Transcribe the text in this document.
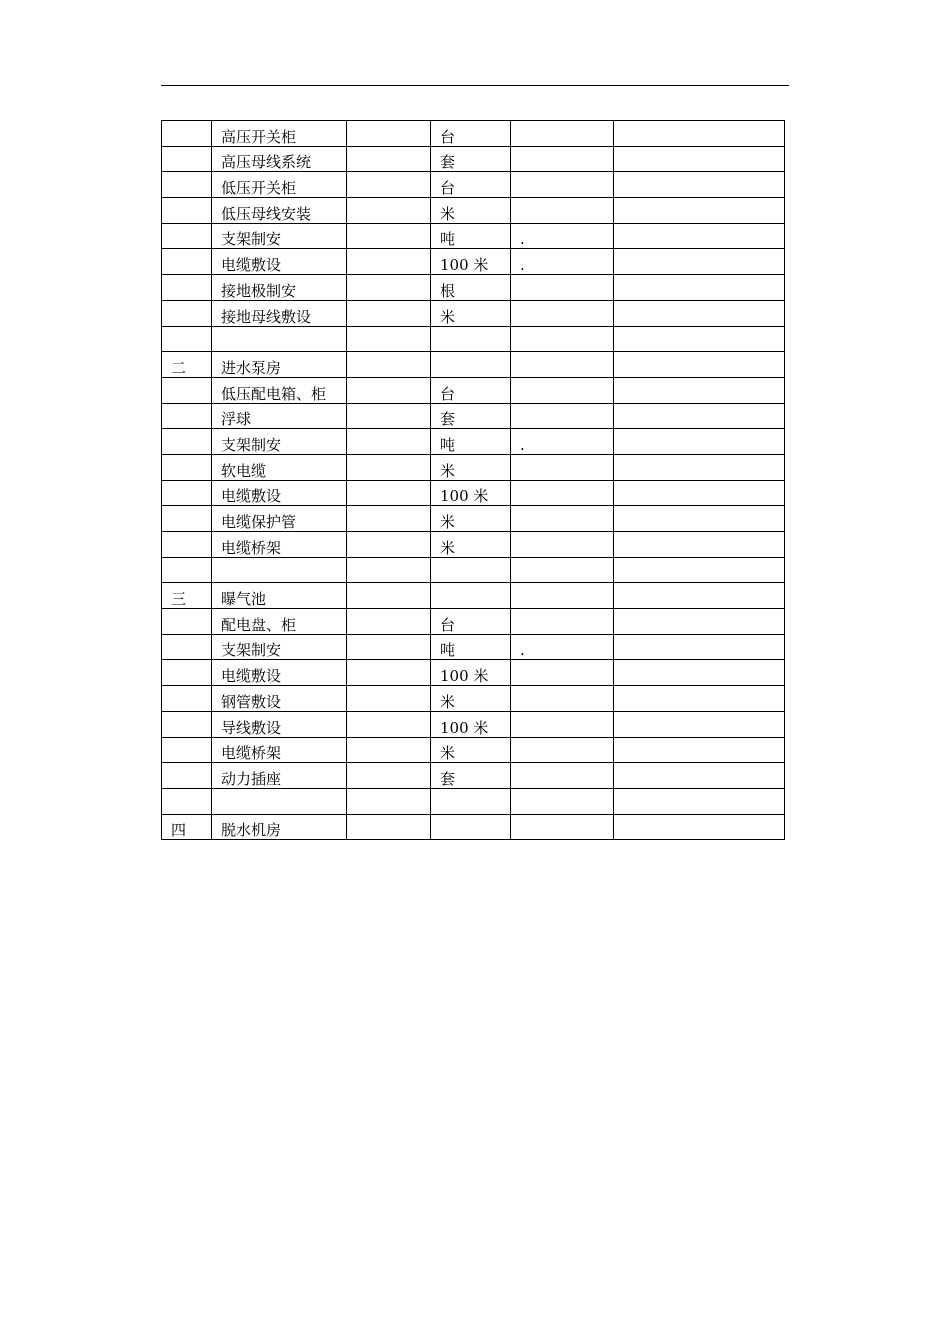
	高压开关柜		台		
	高压母线系统		套		
	低压开关柜		台		
	低压母线安装		米		
	支架制安		吨	.	
	电缆敷设		100 米	.	
	接地极制安		根		
	接地母线敷设		米		

二	进水泵房				
	低压配电箱、柜		台		
	浮球		套		
	支架制安		吨	.	
	软电缆		米		
	电缆敷设		100 米		
	电缆保护管		米		
	电缆桥架		米		

三	曝气池				
	配电盘、柜		台		
	支架制安		吨	.	
	电缆敷设		100 米		
	钢管敷设		米		
	导线敷设		100 米		
	电缆桥架		米		
	动力插座		套		

四	脱水机房				
